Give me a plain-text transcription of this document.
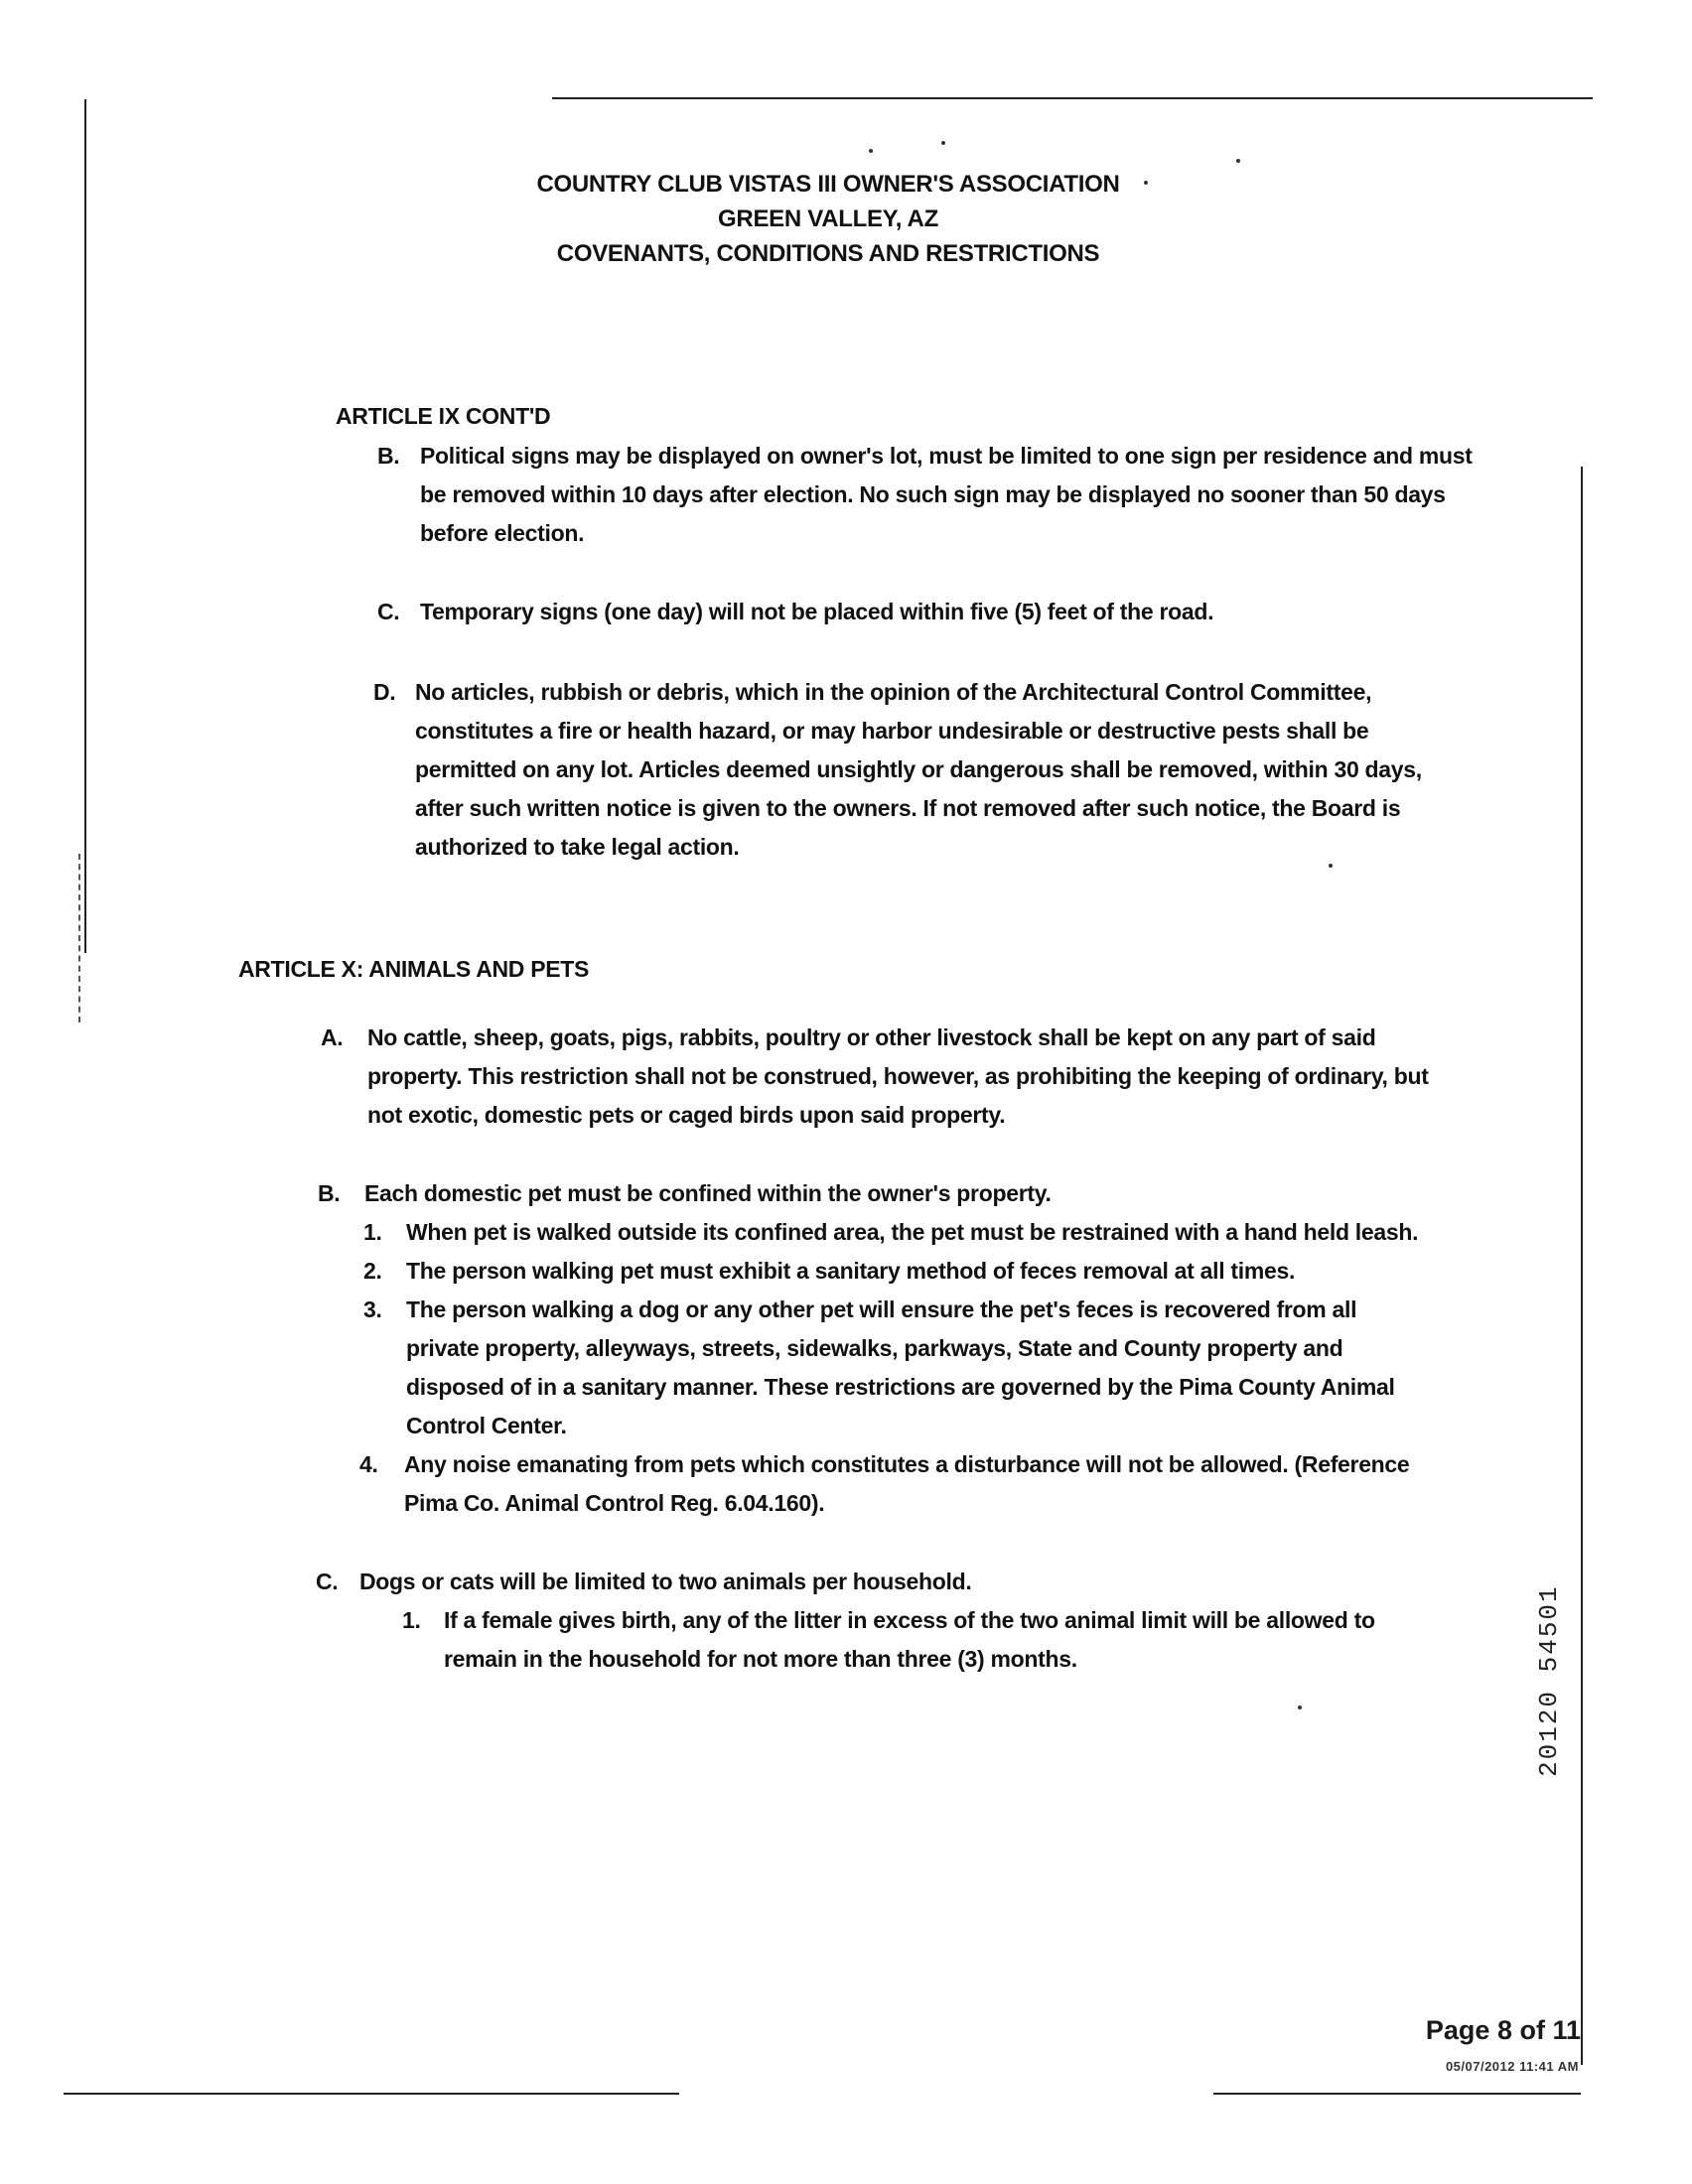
COUNTRY CLUB VISTAS III OWNER'S ASSOCIATION
GREEN VALLEY, AZ
COVENANTS, CONDITIONS AND RESTRICTIONS
ARTICLE IX CONT'D
B. Political signs may be displayed on owner's lot, must be limited to one sign per residence and must be removed within 10 days after election. No such sign may be displayed no sooner than 50 days before election.
C. Temporary signs (one day) will not be placed within five (5) feet of the road.
D. No articles, rubbish or debris, which in the opinion of the Architectural Control Committee, constitutes a fire or health hazard, or may harbor undesirable or destructive pests shall be permitted on any lot. Articles deemed unsightly or dangerous shall be removed, within 30 days, after such written notice is given to the owners. If not removed after such notice, the Board is authorized to take legal action.
ARTICLE X: ANIMALS AND PETS
A. No cattle, sheep, goats, pigs, rabbits, poultry or other livestock shall be kept on any part of said property. This restriction shall not be construed, however, as prohibiting the keeping of ordinary, but not exotic, domestic pets or caged birds upon said property.
B. Each domestic pet must be confined within the owner's property.
1. When pet is walked outside its confined area, the pet must be restrained with a hand held leash.
2. The person walking pet must exhibit a sanitary method of feces removal at all times.
3. The person walking a dog or any other pet will ensure the pet's feces is recovered from all private property, alleyways, streets, sidewalks, parkways, State and County property and disposed of in a sanitary manner. These restrictions are governed by the Pima County Animal Control Center.
4. Any noise emanating from pets which constitutes a disturbance will not be allowed. (Reference Pima Co. Animal Control Reg. 6.04.160).
C. Dogs or cats will be limited to two animals per household.
1. If a female gives birth, any of the litter in excess of the two animal limit will be allowed to remain in the household for not more than three (3) months.	20120 54501
Page 8 of 11
05/07/2012 11:41 AM
